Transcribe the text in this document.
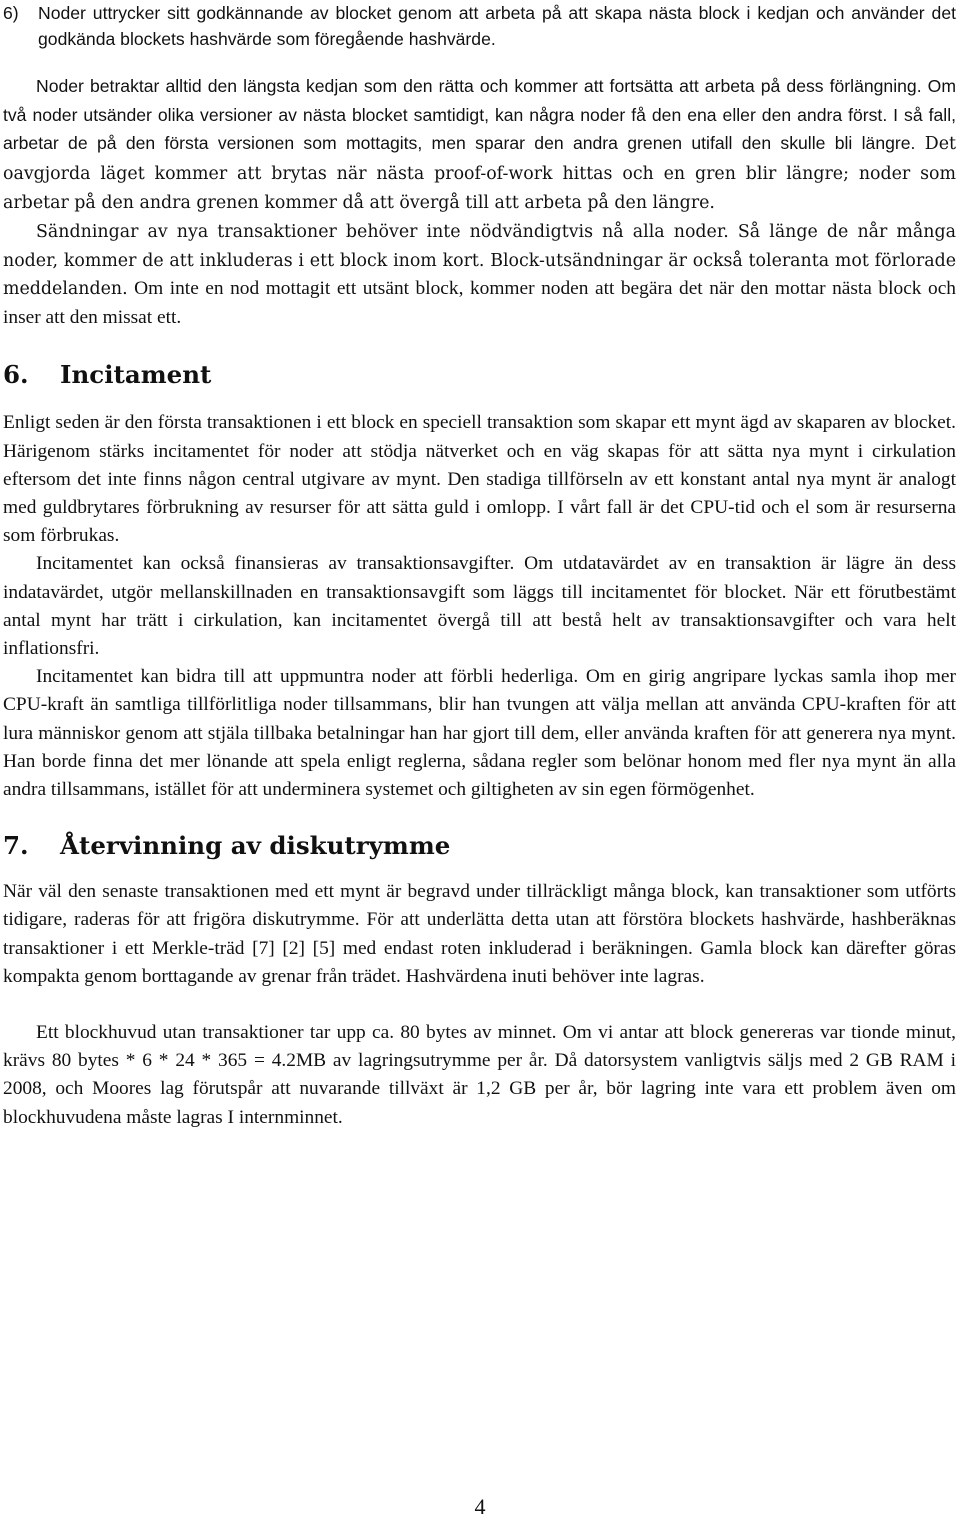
6)	Noder uttrycker sitt godkännande av blocket genom att arbeta på att skapa nästa block i kedjan och använder det godkända blockets hashvärde som föregående hashvärde.

Noder betraktar alltid den längsta kedjan som den rätta och kommer att fortsätta att arbeta på dess förlängning. Om två noder utsänder olika versioner av nästa blocket samtidigt, kan några noder få den ena eller den andra först. I så fall, arbetar de på den första versionen som mottagits, men sparar den andra grenen utifall den skulle bli längre. Det oavgjorda läget kommer att brytas när nästa proof-of-work hittas och en gren blir längre; noder som arbetar på den andra grenen kommer då att övergå till att arbeta på den längre.

Sändningar av nya transaktioner behöver inte nödvändigtvis nå alla noder. Så länge de når många noder, kommer de att inkluderas i ett block inom kort. Block-utsändningar är också toleranta mot förlorade meddelanden. Om inte en nod mottagit ett utsänt block, kommer noden att begära det när den mottar nästa block och inser att den missat ett.

6.	Incitament

Enligt seden är den första transaktionen i ett block en speciell transaktion som skapar ett mynt ägd av skaparen av blocket. Härigenom stärks incitamentet för noder att stödja nätverket och en väg skapas för att sätta nya mynt i cirkulation eftersom det inte finns någon central utgivare av mynt. Den stadiga tillförseln av ett konstant antal nya mynt är analogt med guldbrytares förbrukning av resurser för att sätta guld i omlopp. I vårt fall är det CPU-tid och el som är resurserna som förbrukas.

Incitamentet kan också finansieras av transaktionsavgifter. Om utdatavärdet av en transaktion är lägre än dess indatavärdet, utgör mellanskillnaden en transaktionsavgift som läggs till incitamentet för blocket. När ett förutbestämt antal mynt har trätt i cirkulation, kan incitamentet övergå till att bestå helt av transaktionsavgifter och vara helt inflationsfri.

Incitamentet kan bidra till att uppmuntra noder att förbli hederliga. Om en girig angripare lyckas samla ihop mer CPU-kraft än samtliga tillförlitliga noder tillsammans, blir han tvungen att välja mellan att använda CPU-kraften för att lura människor genom att stjäla tillbaka betalningar han har gjort till dem, eller använda kraften för att generera nya mynt. Han borde finna det mer lönande att spela enligt reglerna, sådana regler som belönar honom med fler nya mynt än alla andra tillsammans, istället för att underminera systemet och giltigheten av sin egen förmögenhet.

7.	Återvinning av diskutrymme

När väl den senaste transaktionen med ett mynt är begravd under tillräckligt många block, kan transaktioner som utförts tidigare, raderas för att frigöra diskutrymme. För att underlätta detta utan att förstöra blockets hashvärde, hashberäknas transaktioner i ett Merkle-träd [7] [2] [5] med endast roten inkluderad i beräkningen. Gamla block kan därefter göras kompakta genom borttagande av grenar från trädet. Hashvärdena inuti behöver inte lagras.

Ett blockhuvud utan transaktioner tar upp ca. 80 bytes av minnet. Om vi antar att block genereras var tionde minut, krävs 80 bytes * 6 * 24 * 365 = 4.2MB av lagringsutrymme per år. Då datorsystem vanligtvis säljs med 2 GB RAM i 2008, och Moores lag förutspår att nuvarande tillväxt är 1,2 GB per år, bör lagring inte vara ett problem även om blockhuvudena måste lagras I internminnet.

4
